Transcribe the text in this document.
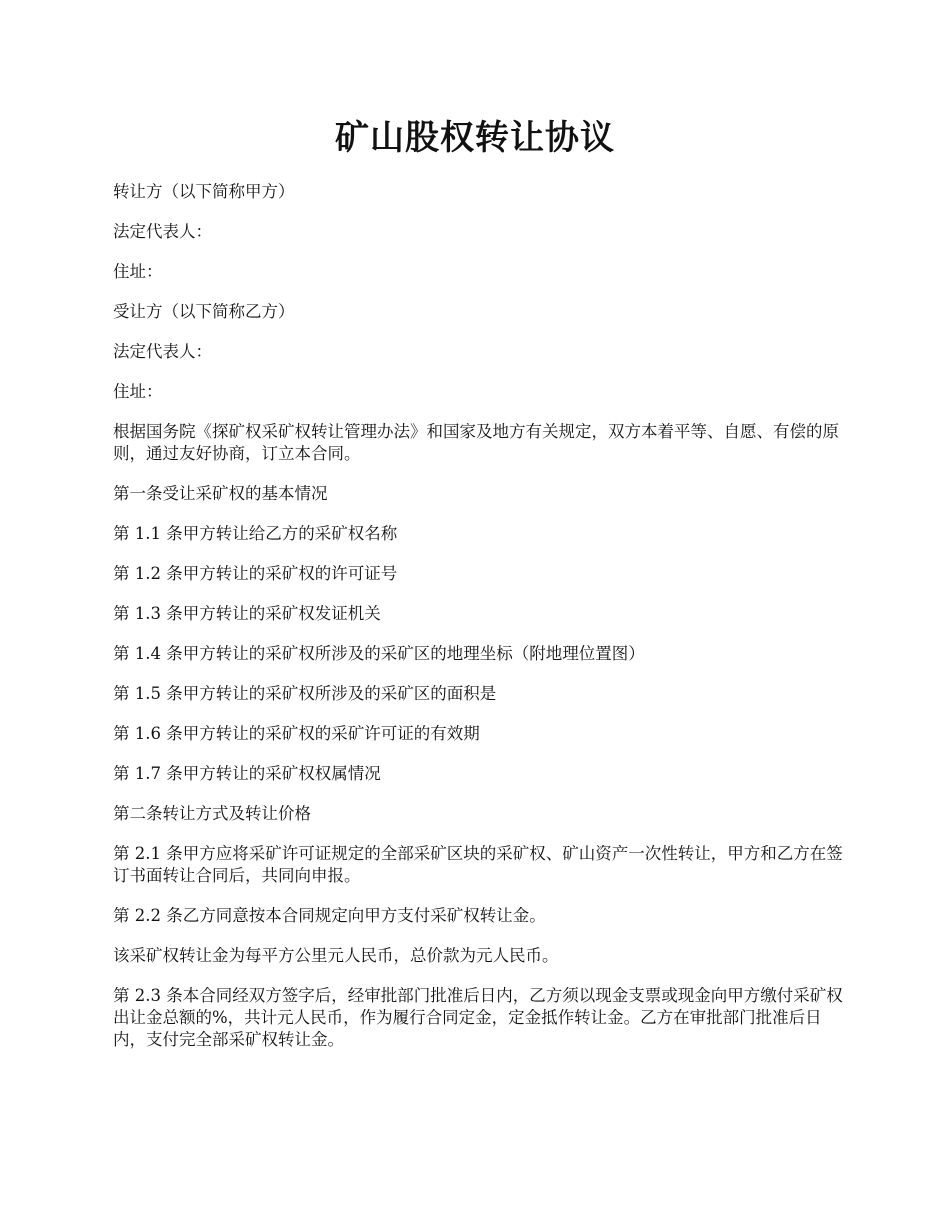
矿山股权转让协议

转让方（以下简称甲方）

法定代表人：

住址：

受让方（以下简称乙方）

法定代表人：

住址：

根据国务院《探矿权采矿权转让管理办法》和国家及地方有关规定，双方本着平等、自愿、有偿的原则，通过友好协商，订立本合同。

第一条受让采矿权的基本情况

第 1.1 条甲方转让给乙方的采矿权名称

第 1.2 条甲方转让的采矿权的许可证号

第 1.3 条甲方转让的采矿权发证机关

第 1.4 条甲方转让的采矿权所涉及的采矿区的地理坐标（附地理位置图）

第 1.5 条甲方转让的采矿权所涉及的采矿区的面积是

第 1.6 条甲方转让的采矿权的采矿许可证的有效期

第 1.7 条甲方转让的采矿权权属情况

第二条转让方式及转让价格

第 2.1 条甲方应将采矿许可证规定的全部采矿区块的采矿权、矿山资产一次性转让，甲方和乙方在签订书面转让合同后，共同向申报。

第 2.2 条乙方同意按本合同规定向甲方支付采矿权转让金。

该采矿权转让金为每平方公里元人民币，总价款为元人民币。

第 2.3 条本合同经双方签字后，经审批部门批准后日内，乙方须以现金支票或现金向甲方缴付采矿权出让金总额的%，共计元人民币，作为履行合同定金，定金抵作转让金。乙方在审批部门批准后日内，支付完全部采矿权转让金。
